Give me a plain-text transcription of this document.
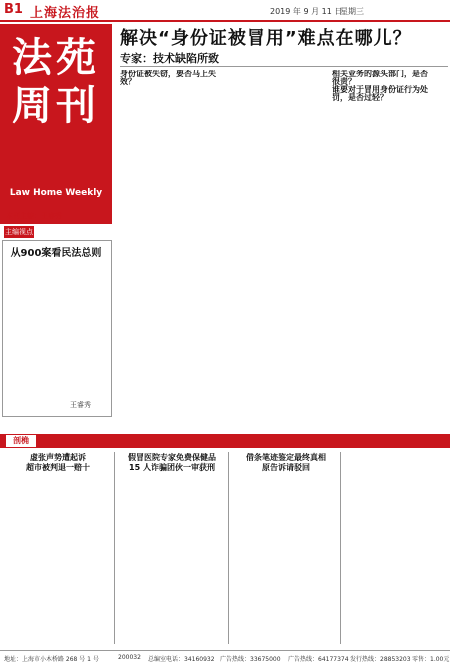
B1 上海法治报	2019 年 9 月 11 日
星期三
法苑周刊
Law Home Weekly
本刊主编：王睿秀
主编视点
从900案看民法总则
王睿秀
解决“身份证被冒用”难点在哪儿？
专家：技术缺陷所致
身份证被失窃，要否马上失效？
相关业务的源头部门，是否很责？
谁要对于冒用身份证行为处罚，是否过轻？
剖桷
虚张声势遭起诉
超市被判退一赔十
假冒医院专家免费保健品
15 人诈骗团伙一审获刑
借条笔迹鉴定最终真相
原告诉请驳回
地址：上海市小木桥路 268 号 1 号	200032 总编室电话：34160932 广告热线：33675000 广告热线：64177374 发行热线：28853203 零售：1.00元
